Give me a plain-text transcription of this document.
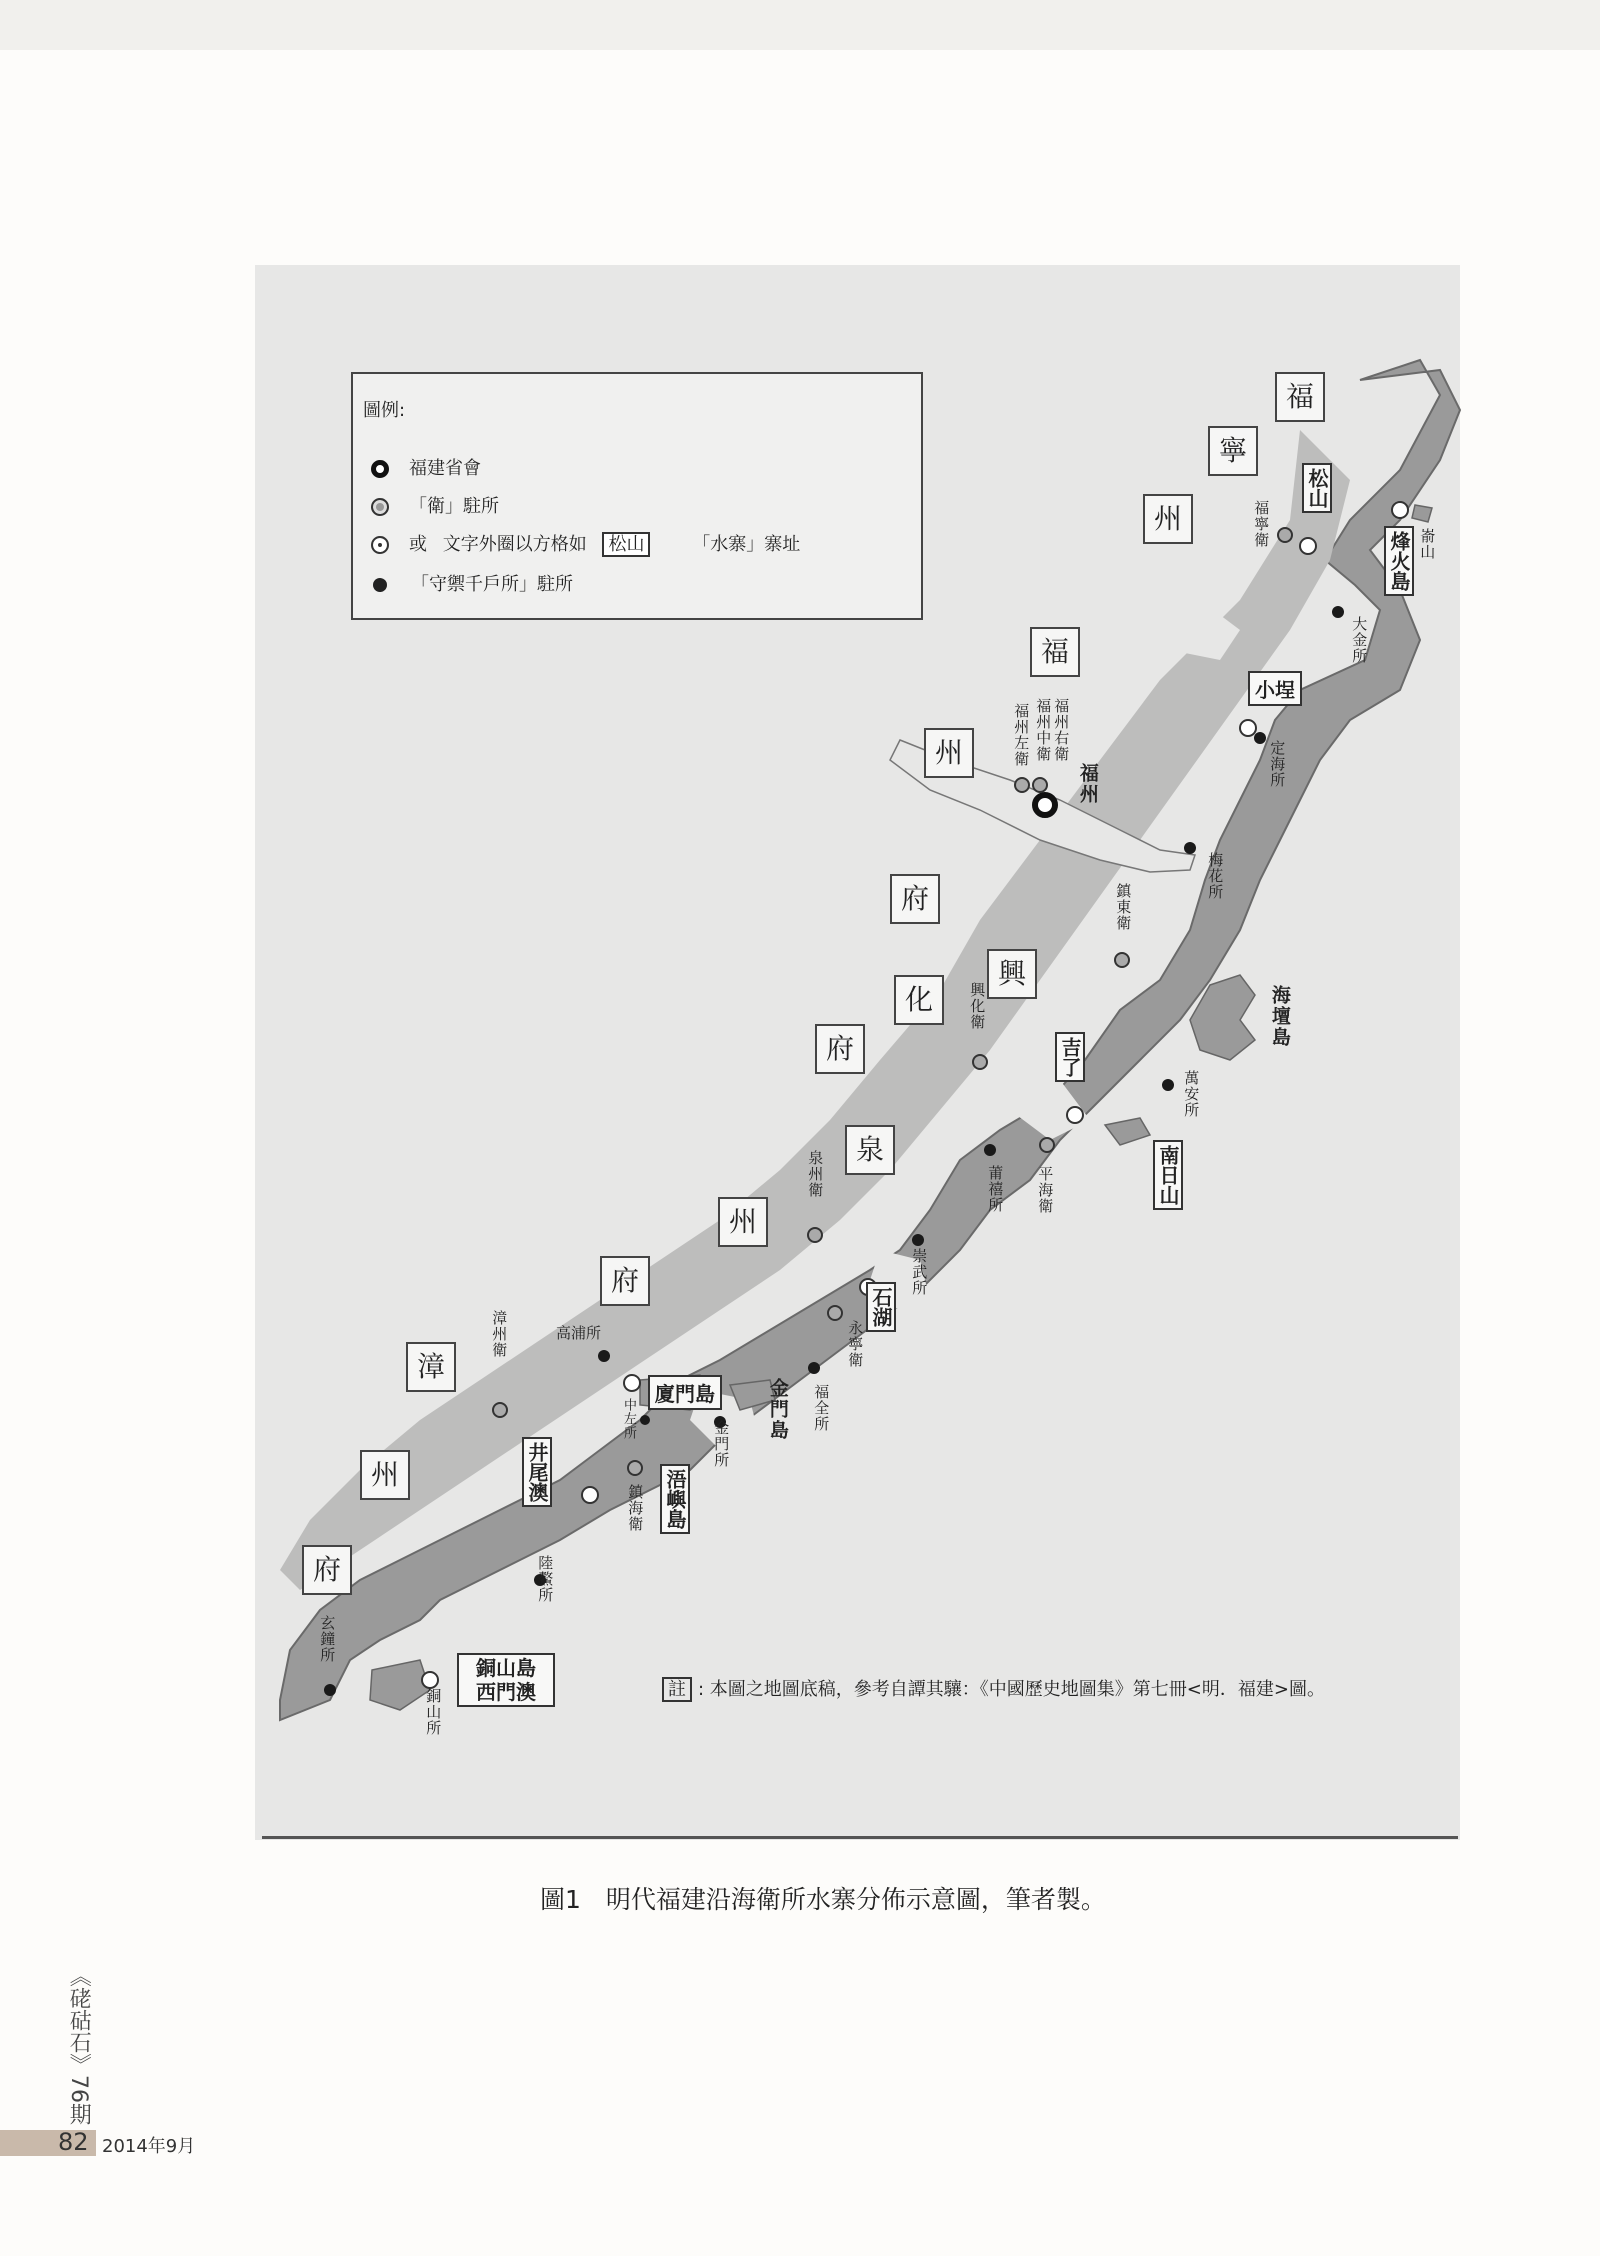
圖例:
福建省會
「衛」駐所
或 文字外圈以方格如 松山	「水寨」寨址
「守禦千戶所」駐所
福
寧
州
福
州
府
興
化
府
泉
州
府
漳
州
府
松山
烽火島
小埕
吉了
南日山
石湖
廈門島
浯嶼島
井尾澳
銅山島
西門澳
福州
福州右衛
福州中衛
福州左衛
福寧衛	嵛山
大金所
定海所
梅花所
鎮東衛
海壇島
萬安所
興化衛
平海衛
莆禧所
泉州衛
崇武所
永寧衛
福全所
金門島
高浦所
漳州衛
中左所
金門所
鎮海衛
陸鰲所
玄鐘所
銅山所	註 : 本圖之地圖底稿，參考自譚其驤：《中國歷史地圖集》第七冊<明．福建>圖。
圖1　明代福建沿海衛所水寨分佈示意圖，筆者製。
《硓𥑮石》76期
82 2014年9月
